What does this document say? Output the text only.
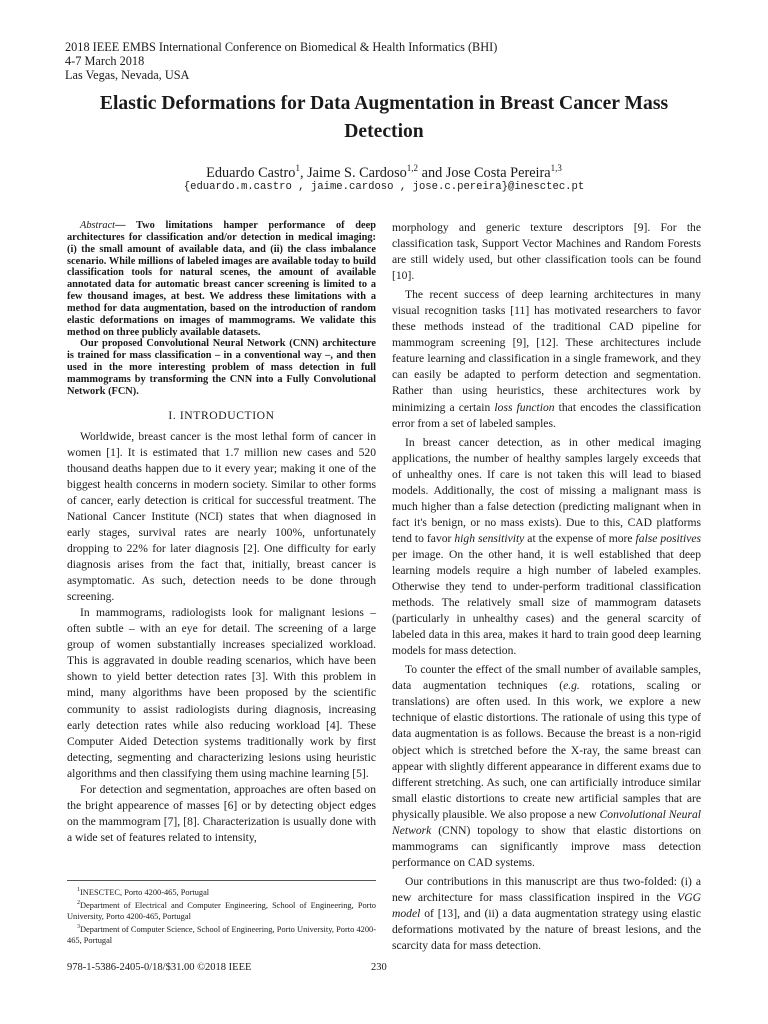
2018 IEEE EMBS International Conference on Biomedical & Health Informatics (BHI)
4-7 March 2018
Las Vegas, Nevada, USA
Elastic Deformations for Data Augmentation in Breast Cancer Mass Detection
Eduardo Castro$^1$, Jaime S. Cardoso$^{1,2}$ and Jose Costa Pereira$^{1,3}$
{eduardo.m.castro , jaime.cardoso , jose.c.pereira}@inesctec.pt

Abstract— Two limitations hamper performance of deep architectures for classification and/or detection in medical imaging: (i) the small amount of available data, and (ii) the class imbalance scenario. While millions of labeled images are available today to build classification tools for natural scenes, the amount of available annotated data for automatic breast cancer screening is limited to a few thousand images, at best. We address these limitations with a method for data augmentation, based on the introduction of random elastic deformations on images of mammograms. We validate this method on three publicly available datasets.

Our proposed Convolutional Neural Network (CNN) architecture is trained for mass classification – in a conventional way –, and then used in the more interesting problem of mass detection in full mammograms by transforming the CNN into a Fully Convolutional Network (FCN).

I. INTRODUCTION

Worldwide, breast cancer is the most lethal form of cancer in women [1]. It is estimated that 1.7 million new cases and 520 thousand deaths happen due to it every year; making it one of the biggest health concerns in modern society. Similar to other forms of cancer, early detection is critical for successful treatment. The National Cancer Institute (NCI) states that when diagnosed in early stages, survival rates are nearly 100%, unfortunately dropping to 22% for later diagnosis [2]. One difficulty for early diagnosis arises from the fact that, initially, breast cancer is asymptomatic. As such, detection needs to be done through screening.

In mammograms, radiologists look for malignant lesions – often subtle – with an eye for detail. The screening of a large group of women substantially increases specialized workload. This is aggravated in double reading scenarios, which have been shown to yield better detection rates [3]. With this problem in mind, many algorithms have been proposed by the scientific community to assist radiologists during diagnosis, increasing early detection rates while also reducing workload [4]. These Computer Aided Detection systems traditionally work by first detecting, segmenting and characterizing lesions using heuristic algorithms and then classifying them using machine learning [5].

For detection and segmentation, approaches are often based on the bright appearence of masses [6] or by detecting object edges on the mammogram [7], [8]. Characterization is usually done with a wide set of features related to intensity,

$^1$INESCTEC, Porto 4200-465, Portugal

$^2$Department of Electrical and Computer Engineering, School of Engineering, Porto University, Porto 4200-465, Portugal

$^3$Department of Computer Science, School of Engineering, Porto University, Porto 4200-465, Portugal

morphology and generic texture descriptors [9]. For the classification task, Support Vector Machines and Random Forests are still widely used, but other classification tools can be found [10].

The recent success of deep learning architectures in many visual recognition tasks [11] has motivated researchers to favor these methods instead of the traditional CAD pipeline for mammogram screening [9], [12]. These architectures include feature learning and classification in a single framework, and they can easily be adapted to perform detection and segmentation. Rather than using heuristics, these architectures work by minimizing a certain loss function that encodes the classification error from a set of labeled samples.

In breast cancer detection, as in other medical imaging applications, the number of healthy samples largely exceeds that of unhealthy ones. If care is not taken this will lead to biased models. Additionally, the cost of missing a malignant mass is much higher than a false detection (predicting malignant when in fact it's benign, or no mass exists). Due to this, CAD platforms tend to favor high sensitivity at the expense of more false positives per image. On the other hand, it is well established that deep learning models require a high number of labeled examples. Otherwise they tend to under-perform traditional classification methods. The relatively small size of mammogram datasets (particularly in unhealthy cases) and the general scarcity of labeled data in this area, makes it hard to train good deep learning models for mass detection.

To counter the effect of the small number of available samples, data augmentation techniques (e.g. rotations, scaling or translations) are often used. In this work, we explore a new technique of elastic distortions. The rationale of using this type of data augmentation is as follows. Because the breast is a non-rigid object which is stretched before the X-ray, the same breast can appear with slightly different appearance in different exams due to different stretching. As such, one can artificially introduce similar small elastic distortions to create new artificial samples that are physically plausible. We also propose a new Convolutional Neural Network (CNN) topology to show that elastic distortions on mammograms can significantly improve mass detection performance on CAD systems.

Our contributions in this manuscript are thus two-folded: (i) a new architecture for mass classification inspired in the VGG model of [13], and (ii) a data augmentation strategy using elastic deformations motivated by the nature of breast lesions, and the scarcity data for mass detection.

978-1-5386-2405-0/18/$31.00 ©2018 IEEE	230
